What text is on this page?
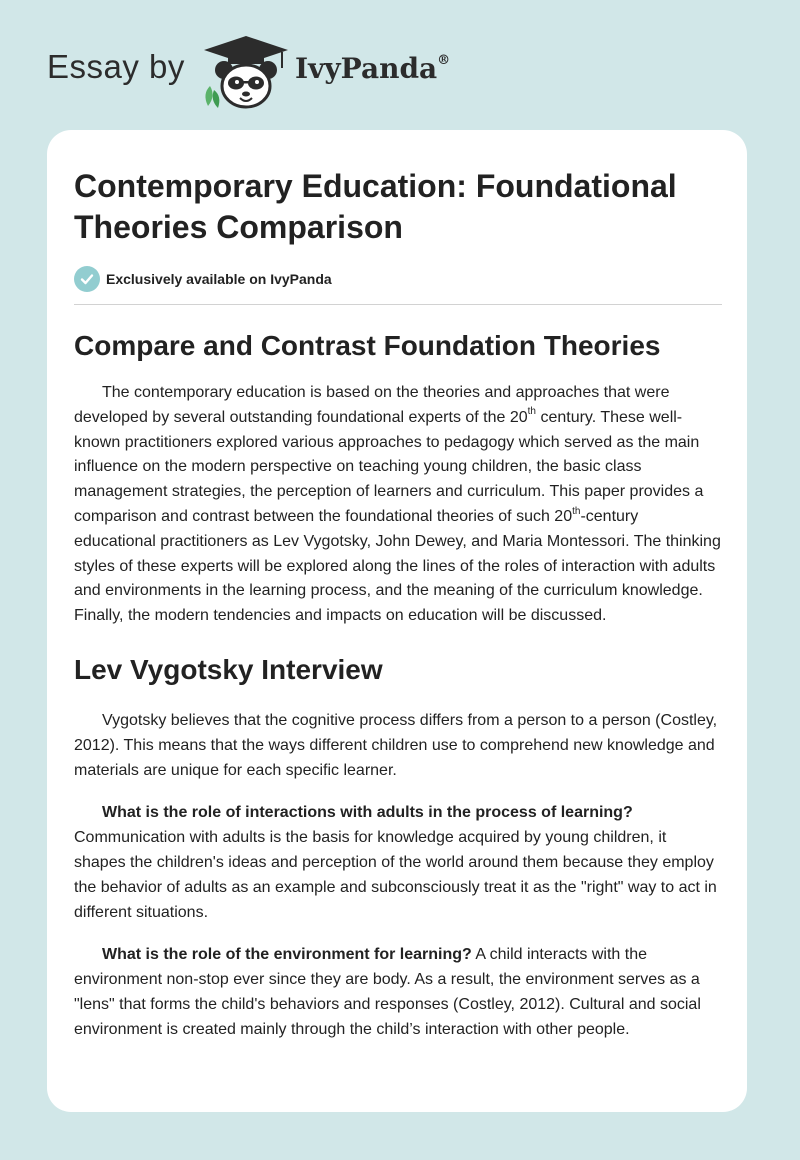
Essay by	IvyPanda®
Contemporary Education: Foundational Theories Comparison
Exclusively available on IvyPanda
Compare and Contrast Foundation Theories

The contemporary education is based on the theories and approaches that were developed by several outstanding foundational experts of the 20th century. These well-known practitioners explored various approaches to pedagogy which served as the main influence on the modern perspective on teaching young children, the basic class management strategies, the perception of learners and curriculum. This paper provides a comparison and contrast between the foundational theories of such 20th-century educational practitioners as Lev Vygotsky, John Dewey, and Maria Montessori. The thinking styles of these experts will be explored along the lines of the roles of interaction with adults and environments in the learning process, and the meaning of the curriculum knowledge. Finally, the modern tendencies and impacts on education will be discussed.

Lev Vygotsky Interview

Vygotsky believes that the cognitive process differs from a person to a person (Costley, 2012). This means that the ways different children use to comprehend new knowledge and materials are unique for each specific learner.

What is the role of interactions with adults in the process of learning?
Communication with adults is the basis for knowledge acquired by young children, it shapes the children's ideas and perception of the world around them because they employ the behavior of adults as an example and subconsciously treat it as the "right" way to act in different situations.

What is the role of the environment for learning? A child interacts with the environment non-stop ever since they are body. As a result, the environment serves as a "lens" that forms the child's behaviors and responses (Costley, 2012). Cultural and social environment is created mainly through the child’s interaction with other people.
